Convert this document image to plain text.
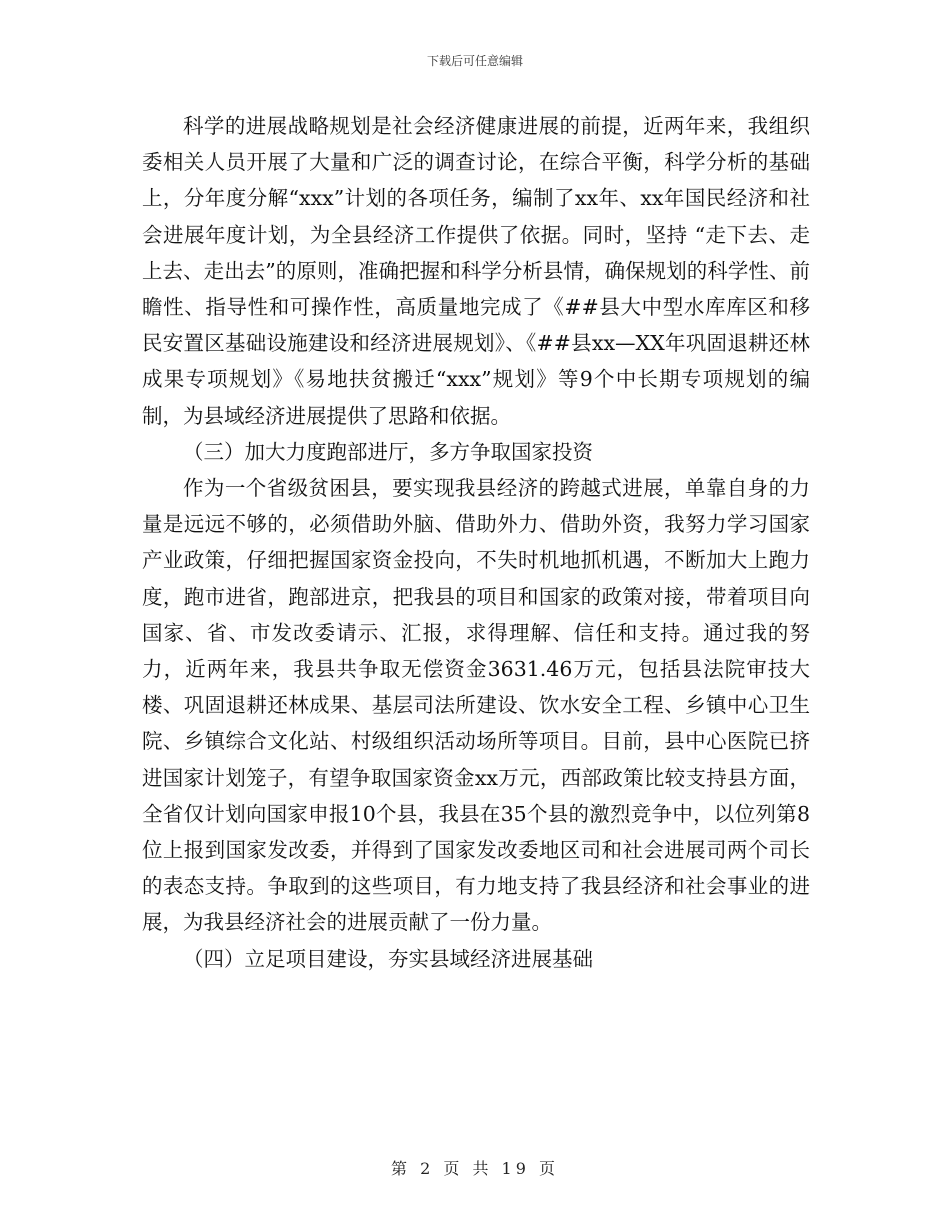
下载后可任意编辑

科学的进展战略规划是社会经济健康进展的前提，近两年来，我组织委相关人员开展了大量和广泛的调查讨论，在综合平衡，科学分析的基础上，分年度分解“xxx”计划的各项任务，编制了xx年、xx年国民经济和社会进展年度计划，为全县经济工作提供了依据。同时，坚持 “走下去、走上去、走出去”的原则，准确把握和科学分析县情，确保规划的科学性、前瞻性、指导性和可操作性，高质量地完成了《##县大中型水库库区和移民安置区基础设施建设和经济进展规划》、《##县xx—XX年巩固退耕还林成果专项规划》《易地扶贫搬迁“xxx”规划》等9个中长期专项规划的编制，为县域经济进展提供了思路和依据。

（三）加大力度跑部进厅，多方争取国家投资

作为一个省级贫困县，要实现我县经济的跨越式进展，单靠自身的力量是远远不够的，必须借助外脑、借助外力、借助外资，我努力学习国家产业政策，仔细把握国家资金投向，不失时机地抓机遇，不断加大上跑力度，跑市进省，跑部进京，把我县的项目和国家的政策对接，带着项目向国家、省、市发改委请示、汇报，求得理解、信任和支持。通过我的努力，近两年来，我县共争取无偿资金3631.46万元，包括县法院审技大楼、巩固退耕还林成果、基层司法所建设、饮水安全工程、乡镇中心卫生院、乡镇综合文化站、村级组织活动场所等项目。目前，县中心医院已挤进国家计划笼子，有望争取国家资金xx万元，西部政策比较支持县方面，全省仅计划向国家申报10个县，我县在35个县的激烈竞争中，以位列第8位上报到国家发改委，并得到了国家发改委地区司和社会进展司两个司长的表态支持。争取到的这些项目，有力地支持了我县经济和社会事业的进展，为我县经济社会的进展贡献了一份力量。

（四）立足项目建设，夯实县域经济进展基础

第 2 页 共 19 页
